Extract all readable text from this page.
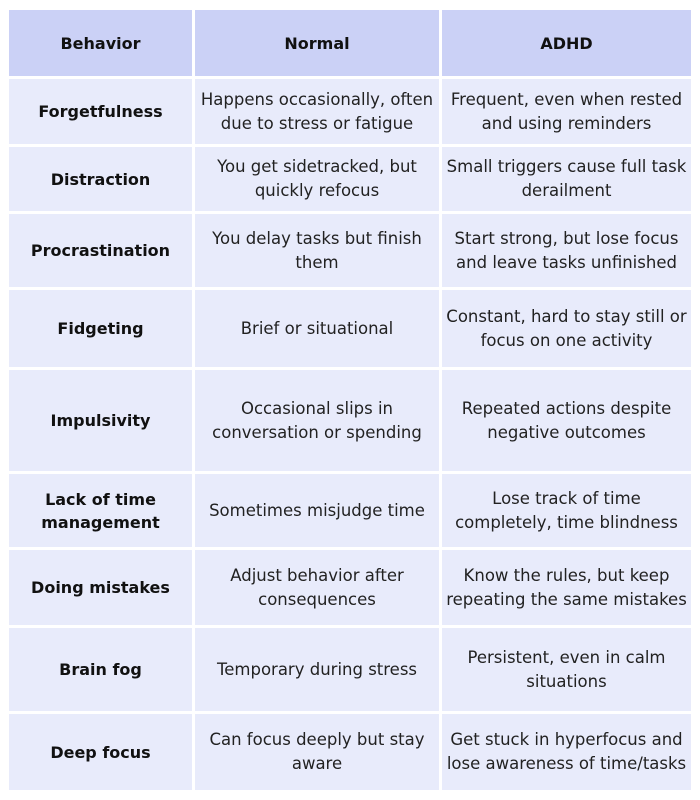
Behavior	Normal	ADHD
Forgetfulness	Happens occasionally, often due to stress or fatigue	Frequent, even when rested and using reminders
Distraction	You get sidetracked, but quickly refocus	Small triggers cause full task derailment
Procrastination	You delay tasks but finish them	Start strong, but lose focus and leave tasks unfinished
Fidgeting	Brief or situational	Constant, hard to stay still or focus on one activity
Impulsivity	Occasional slips in conversation or spending	Repeated actions despite negative outcomes
Lack of time management	Sometimes misjudge time	Lose track of time completely, time blindness
Doing mistakes	Adjust behavior after consequences	Know the rules, but keep repeating the same mistakes
Brain fog	Temporary during stress	Persistent, even in calm situations
Deep focus	Can focus deeply but stay aware	Get stuck in hyperfocus and lose awareness of time/tasks
